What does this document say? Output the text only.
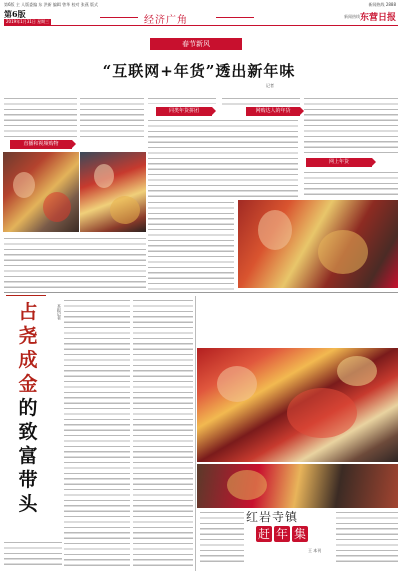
第6版 主 人版委编 东 洪新 编辑 曾华 校对 张燕 版式	新闻热线 2888
第6版
2019年1月31日 星期三	经济广角	新闻热线 东营日报
春节新风
“互联网+年货”透出新年味
记者
直播和视频购物
同类年货拼团	网购达人的年货
网上年货
占
尧
成
金
的
致
富
带
头
本报记者
红岩寺镇
赶 年 集
王 本刊
